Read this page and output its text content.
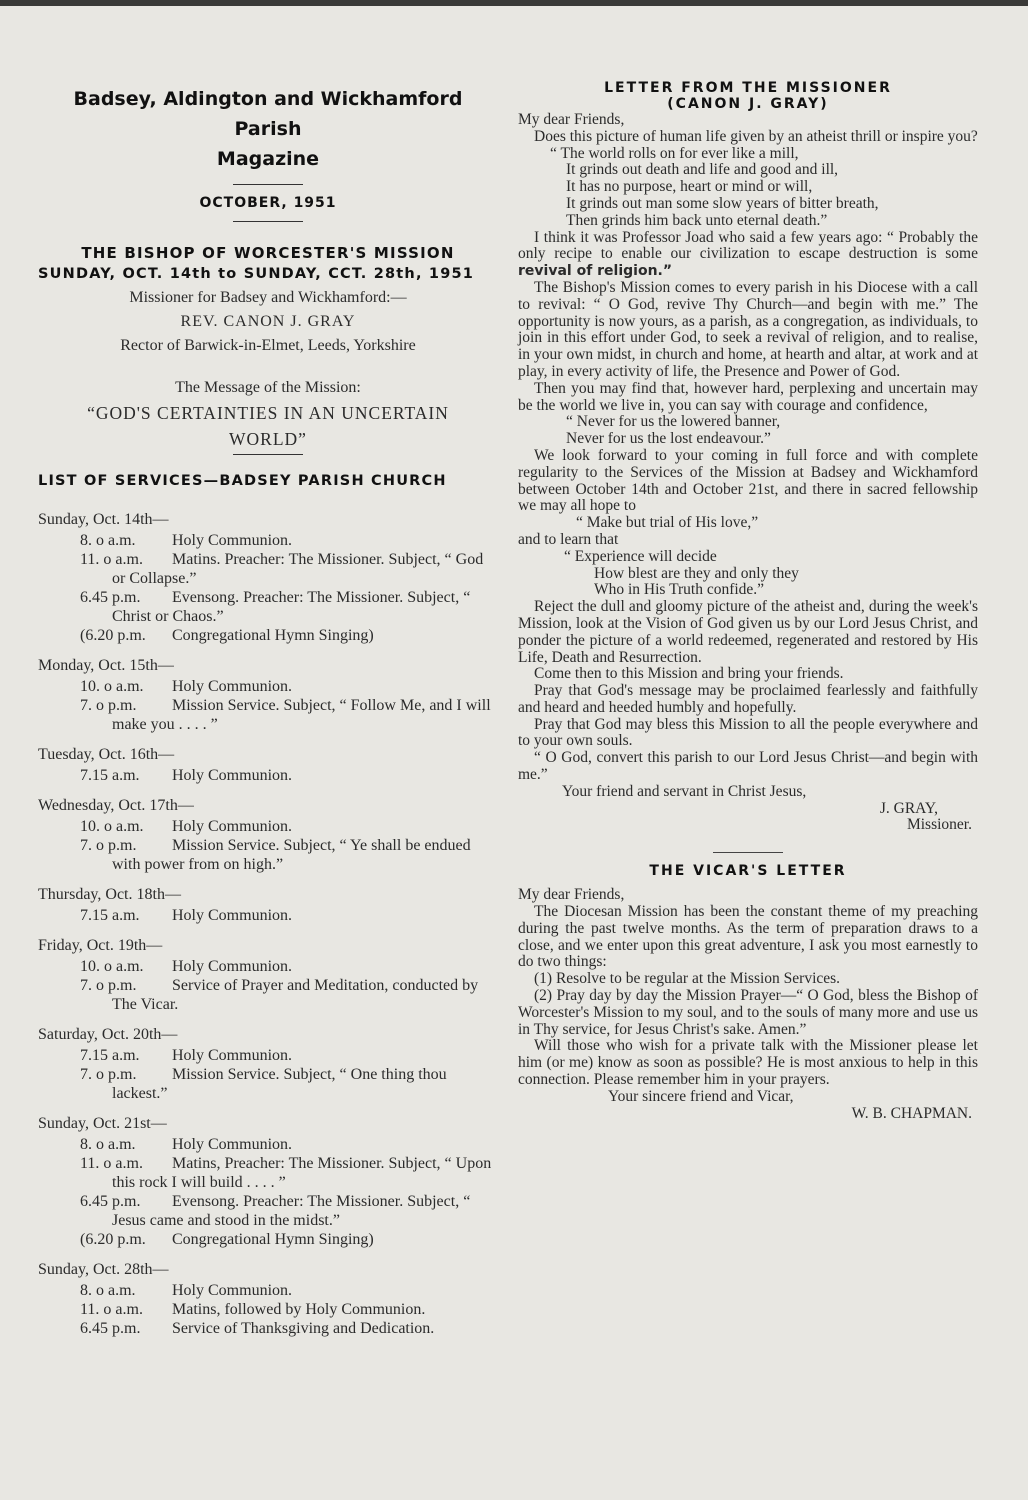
Badsey, Aldington and Wickhamford Parish

Magazine

OCTOBER, 1951

THE BISHOP OF WORCESTER'S MISSION

SUNDAY, OCT. 14th to SUNDAY, CCT. 28th, 1951

Missioner for Badsey and Wickhamford:—

REV. CANON J. GRAY

Rector of Barwick-in-Elmet, Leeds, Yorkshire

The Message of the Mission:

“GOD'S CERTAINTIES IN AN UNCERTAIN

WORLD”

LIST OF SERVICES—BADSEY PARISH CHURCH

Sunday, Oct. 14th—

8. o a.m. Holy Communion.

11. o a.m. Matins. Preacher: The Missioner. Subject, “ God or Collapse.”

6.45 p.m. Evensong. Preacher: The Missioner. Subject, “ Christ or Chaos.”

(6.20 p.m. Congregational Hymn Singing)

Monday, Oct. 15th—

10. o a.m. Holy Communion.

7. o p.m. Mission Service. Subject, “ Follow Me, and I will make you . . . . ”

Tuesday, Oct. 16th—

7.15 a.m. Holy Communion.

Wednesday, Oct. 17th—

10. o a.m. Holy Communion.

7. o p.m. Mission Service. Subject, “ Ye shall be endued with power from on high.”

Thursday, Oct. 18th—

7.15 a.m. Holy Communion.

Friday, Oct. 19th—

10. o a.m. Holy Communion.

7. o p.m. Service of Prayer and Meditation, conducted by The Vicar.

Saturday, Oct. 20th—

7.15 a.m. Holy Communion.

7. o p.m. Mission Service. Subject, “ One thing thou lackest.”

Sunday, Oct. 21st—

8. o a.m. Holy Communion.

11. o a.m. Matins, Preacher: The Missioner. Subject, “ Upon this rock I will build . . . . ”

6.45 p.m. Evensong. Preacher: The Missioner. Subject, “ Jesus came and stood in the midst.”

(6.20 p.m. Congregational Hymn Singing)

Sunday, Oct. 28th—

8. o a.m. Holy Communion.

11. o a.m. Matins, followed by Holy Communion.

6.45 p.m. Service of Thanksgiving and Dedication.

LETTER FROM THE MISSIONER

(CANON J. GRAY)

My dear Friends,

Does this picture of human life given by an atheist thrill or inspire you?

“ The world rolls on for ever like a mill,

It grinds out death and life and good and ill,

It has no purpose, heart or mind or will,

It grinds out man some slow years of bitter breath,

Then grinds him back unto eternal death.”

I think it was Professor Joad who said a few years ago: “ Probably the only recipe to enable our civilization to escape destruction is some revival of religion.”

The Bishop's Mission comes to every parish in his Diocese with a call to revival: “ O God, revive Thy Church—and begin with me.” The opportunity is now yours, as a parish, as a congregation, as individuals, to join in this effort under God, to seek a revival of religion, and to realise, in your own midst, in church and home, at hearth and altar, at work and at play, in every activity of life, the Presence and Power of God.

Then you may find that, however hard, perplexing and uncertain may be the world we live in, you can say with courage and confidence,

“ Never for us the lowered banner,

Never for us the lost endeavour.”

We look forward to your coming in full force and with complete regularity to the Services of the Mission at Badsey and Wickhamford between October 14th and October 21st, and there in sacred fellowship we may all hope to

“ Make but trial of His love,”

and to learn that

“ Experience will decide

How blest are they and only they

Who in His Truth confide.”

Reject the dull and gloomy picture of the atheist and, during the week's Mission, look at the Vision of God given us by our Lord Jesus Christ, and ponder the picture of a world redeemed, regenerated and restored by His Life, Death and Resurrection.

Come then to this Mission and bring your friends.

Pray that God's message may be proclaimed fearlessly and faithfully and heard and heeded humbly and hopefully.

Pray that God may bless this Mission to all the people everywhere and to your own souls.

“ O God, convert this parish to our Lord Jesus Christ—and begin with me.”

Your friend and servant in Christ Jesus,

J. GRAY,

Missioner.

THE VICAR'S LETTER

My dear Friends,

The Diocesan Mission has been the constant theme of my preaching during the past twelve months. As the term of preparation draws to a close, and we enter upon this great adventure, I ask you most earnestly to do two things:

(1) Resolve to be regular at the Mission Services.

(2) Pray day by day the Mission Prayer—“ O God, bless the Bishop of Worcester's Mission to my soul, and to the souls of many more and use us in Thy service, for Jesus Christ's sake. Amen.”

Will those who wish for a private talk with the Missioner please let him (or me) know as soon as possible? He is most anxious to help in this connection. Please remember him in your prayers.

Your sincere friend and Vicar,

W. B. CHAPMAN.
